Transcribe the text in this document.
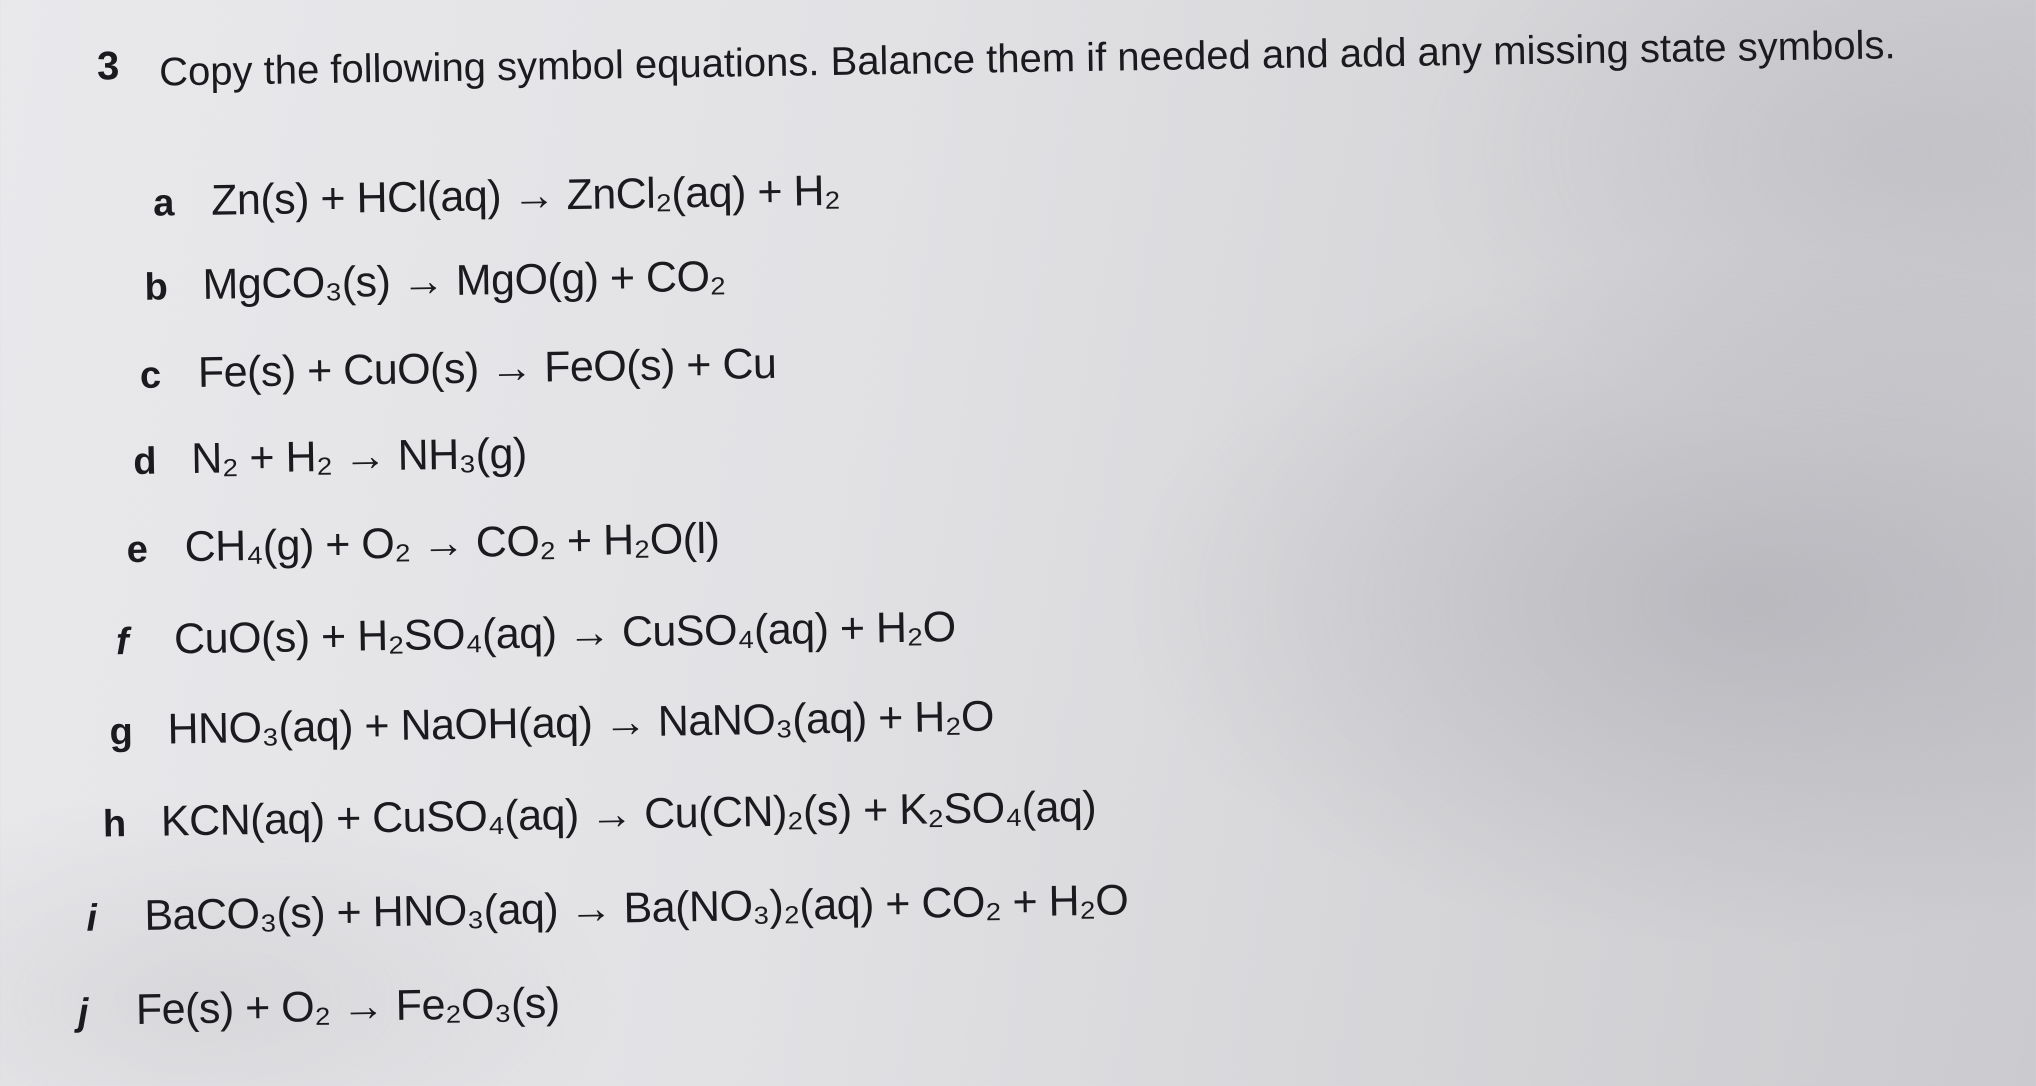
3 Copy the following symbol equations. Balance them if needed and add any missing state symbols.
a Zn(s) + HCl(aq) → ZnCl₂(aq) + H₂
b MgCO₃(s) → MgO(g) + CO₂
c Fe(s) + CuO(s) → FeO(s) + Cu
d N₂ + H₂ → NH₃(g)
e CH₄(g) + O₂ → CO₂ + H₂O(l)
f CuO(s) + H₂SO₄(aq) → CuSO₄(aq) + H₂O
g HNO₃(aq) + NaOH(aq) → NaNO₃(aq) + H₂O
h KCN(aq) + CuSO₄(aq) → Cu(CN)₂(s) + K₂SO₄(aq)
i BaCO₃(s) + HNO₃(aq) → Ba(NO₃)₂(aq) + CO₂ + H₂O
j Fe(s) + O₂ → Fe₂O₃(s)
